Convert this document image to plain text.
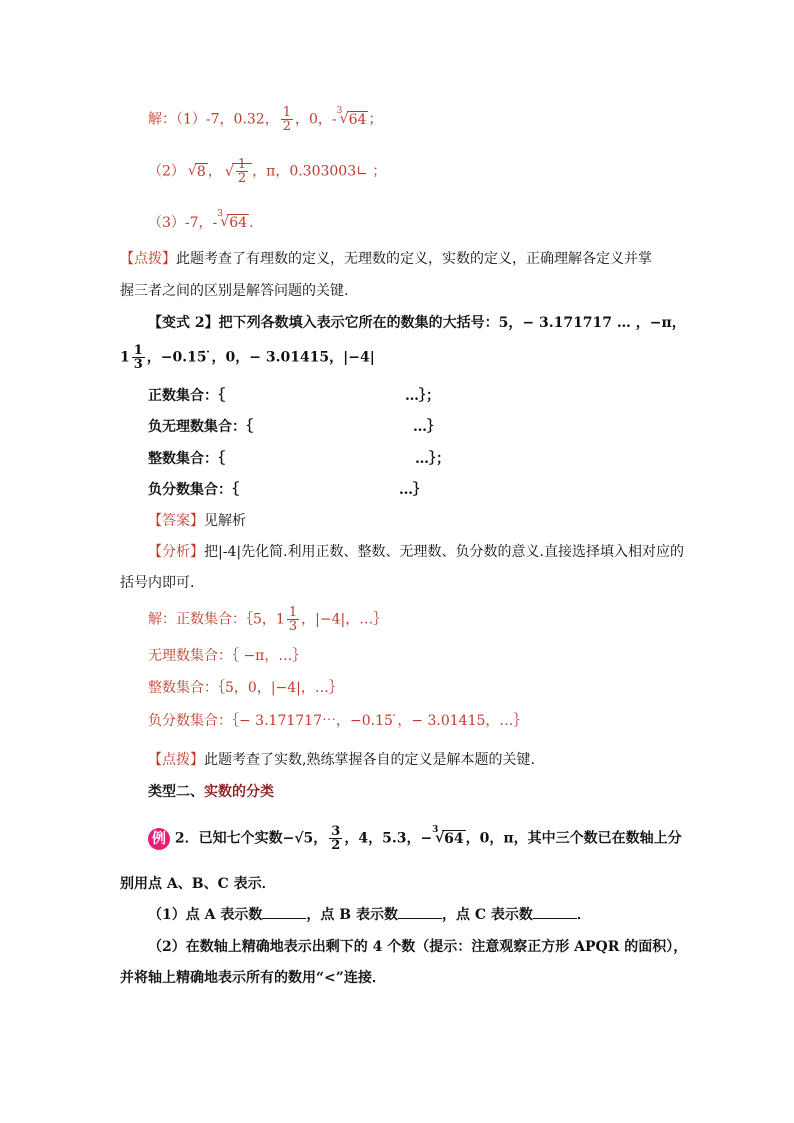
解：（1）-7，0.32， $\frac{1}{2}$ ，0，-
3
√ 64 ；
（2） √ 8 ， √ $\frac{1}{2}$ ，π，0.303003∟ ；
（3）-7，-
3
√ 64 .
【点拨】此题考查了有理数的定义，无理数的定义，实数的定义，正确理解各定义并掌
握三者之间的区别是解答问题的关键.
【变式 2】把下列各数填入表示它所在的数集的大括号：5，− 3.171717 … ，−π，
$1 \frac{1}{3}$ ，−0.15̇ ̇，0，− 3.01415，|−4|
正数集合：｛	…｝；
负无理数集合：｛	…｝
整数集合：｛	…｝；
负分数集合：｛	…｝
【答案】见解析
【分析】把|-4|先化简.利用正数、整数、无理数、负分数的意义.直接选择填入相对应的
括号内即可.
解：正数集合：｛5，$1 \frac{1}{3}$ ，|−4|，…｝
无理数集合：｛ −π，…｝
整数集合：｛5，0，|−4|，…｝
负分数集合：｛− 3.171717⋯，−0.15̇ ̇，− 3.01415，…｝
【点拨】此题考查了实数,熟练掌握各自的定义是解本题的关键.
类型二、实数的分类
例 2．已知七个实数−√5， $\frac{3}{2}$ ，4，5.3，−
3
√ 64 ，0，π，其中三个数已在数轴上分
别用点 A、B、C 表示．
（1）点 A 表示数	，点 B 表示数	，点 C 表示数	．
（2）在数轴上精确地表示出剩下的 4 个数（提示：注意观察正方形 APQR 的面积），
并将轴上精确地表示所有的数用“<”连接．
